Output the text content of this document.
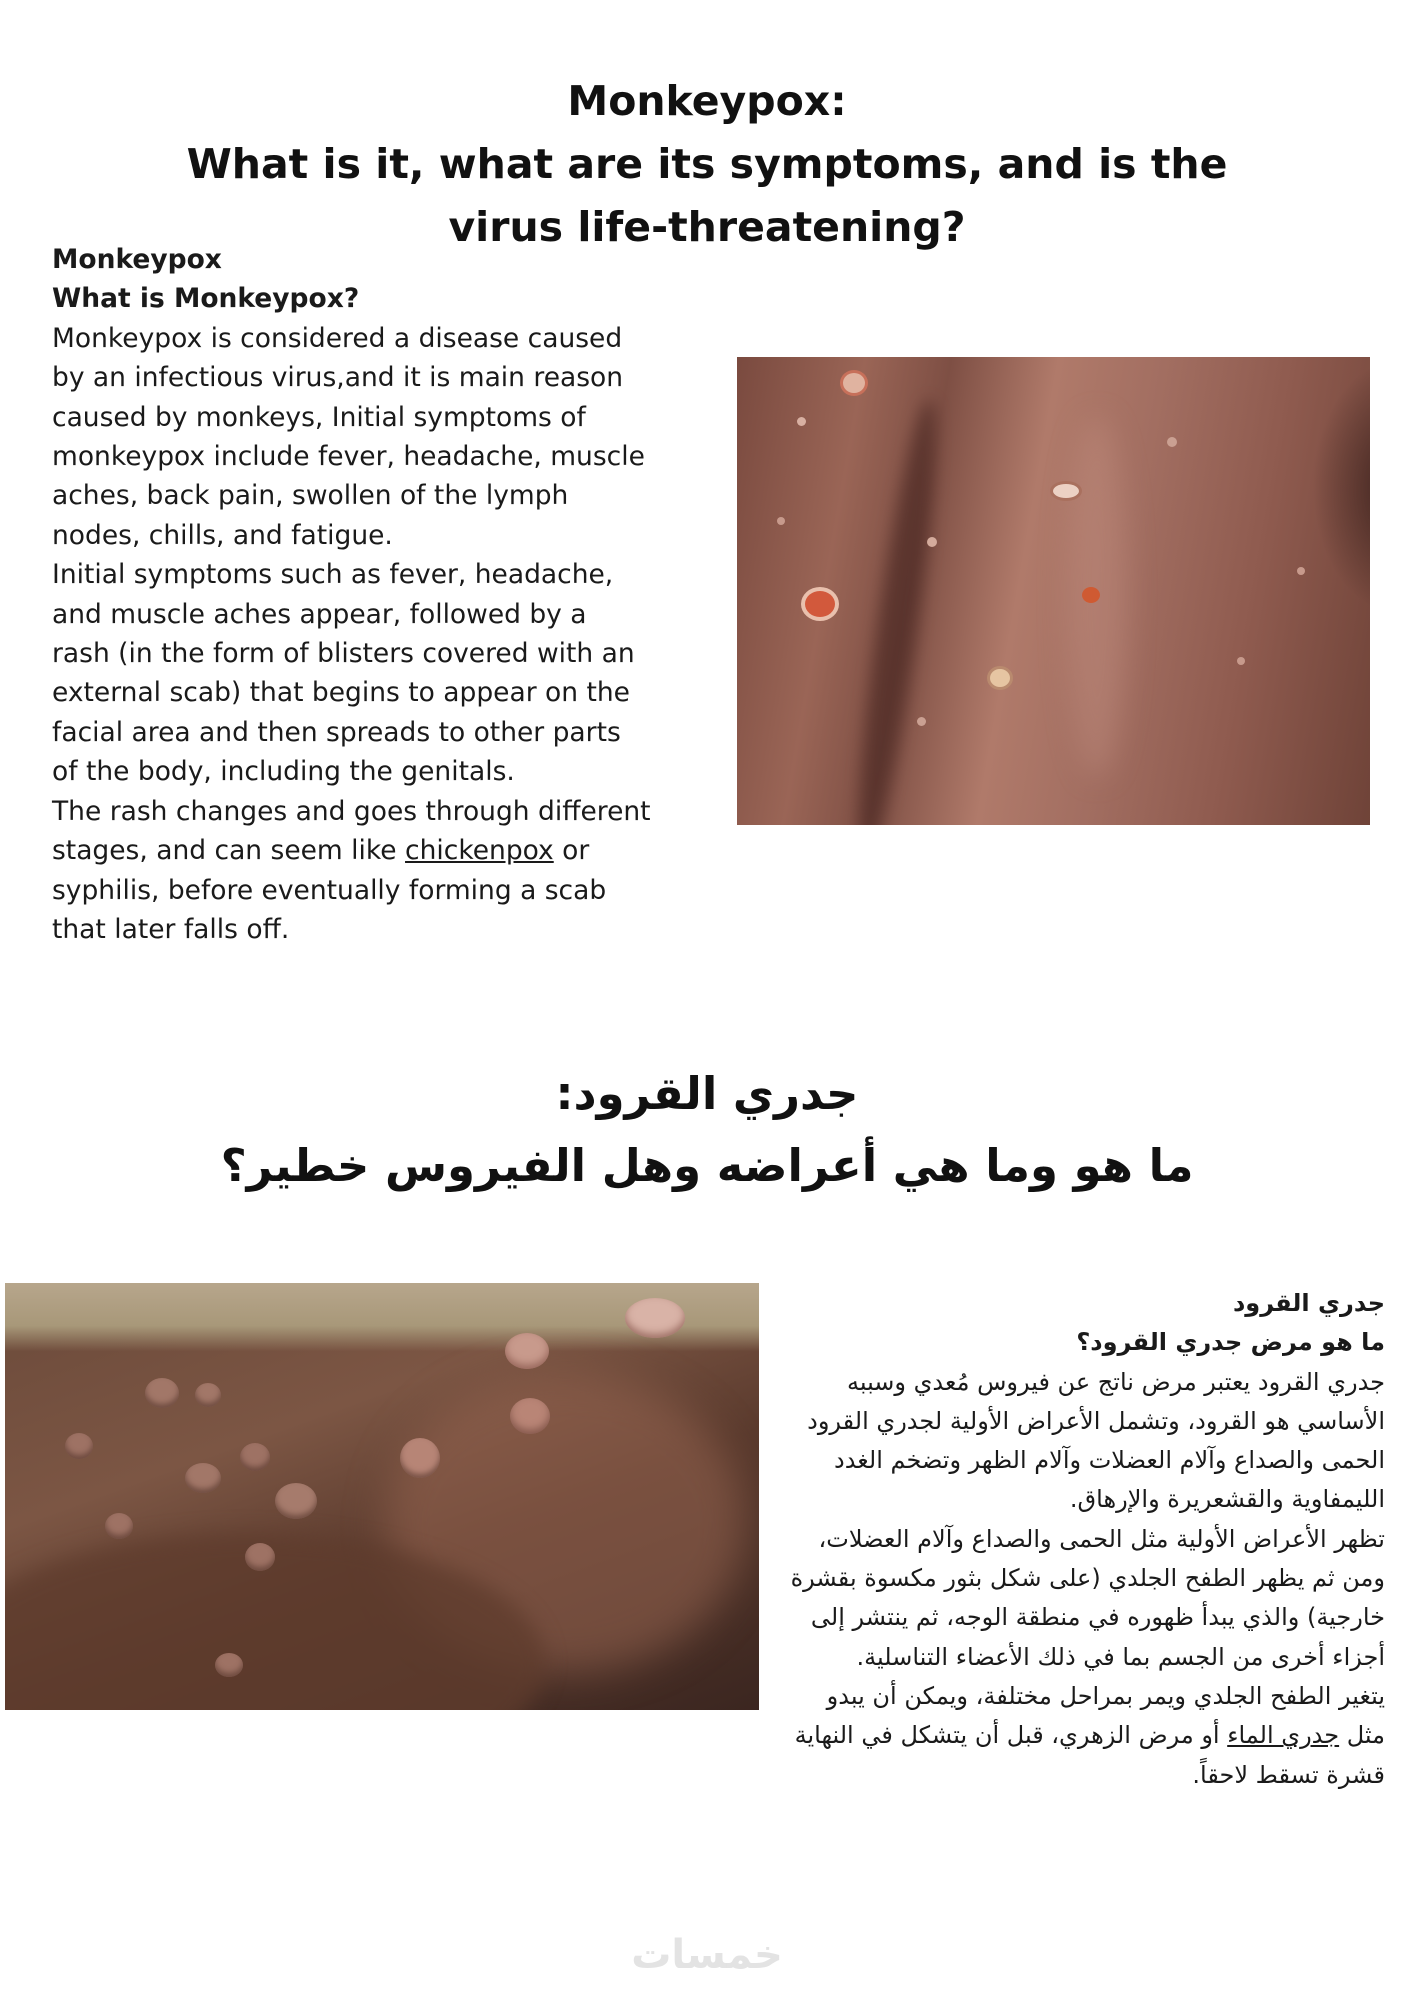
Monkeypox:
What is it, what are its symptoms, and is the
virus life-threatening?
Monkeypox
What is Monkeypox?

Monkeypox is considered a disease caused by an infectious virus,and it is main reason caused by monkeys, Initial symptoms of monkeypox include fever, headache, muscle aches, back pain, swollen of the lymph nodes, chills, and fatigue.

Initial symptoms such as fever, headache, and muscle aches appear, followed by a rash (in the form of blisters covered with an external scab) that begins to appear on the facial area and then spreads to other parts of the body, including the genitals.

The rash changes and goes through different stages, and can seem like chickenpox or syphilis, before eventually forming a scab that later falls off.

جدري القرود:
ما هو وما هي أعراضه وهل الفيروس خطير؟
جدري القرود
ما هو مرض جدري القرود؟

جدري القرود يعتبر مرض ناتج عن فيروس مُعدي وسببه الأساسي هو القرود، وتشمل الأعراض الأولية لجدري القرود الحمى والصداع وآلام العضلات وآلام الظهر وتضخم الغدد الليمفاوية والقشعريرة والإرهاق.

تظهر الأعراض الأولية مثل الحمى والصداع وآلام العضلات، ومن ثم يظهر الطفح الجلدي (على شكل بثور مكسوة بقشرة خارجية) والذي يبدأ ظهوره في منطقة الوجه، ثم ينتشر إلى أجزاء أخرى من الجسم بما في ذلك الأعضاء التناسلية.

يتغير الطفح الجلدي ويمر بمراحل مختلفة، ويمكن أن يبدو مثل جدري الماء أو مرض الزهري، قبل أن يتشكل في النهاية قشرة تسقط لاحقاً.

خمسات
